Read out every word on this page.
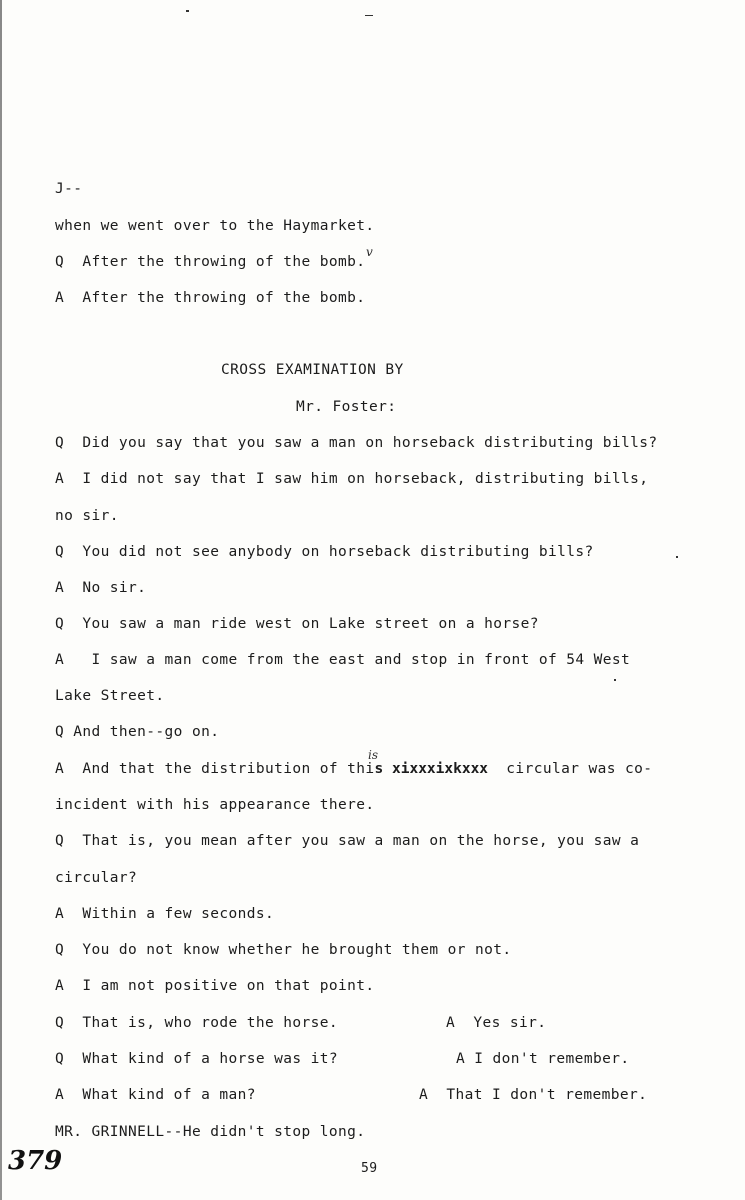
J--
when we went over to the Haymarket.
Q  After the throwing of the bomb.
v
A  After the throwing of the bomb.
CROSS EXAMINATION BY
Mr. Foster:
Q  Did you say that you saw a man on horseback distributing bills?
A  I did not say that I saw him on horseback, distributing bills,
no sir.
Q  You did not see anybody on horseback distributing bills?
A  No sir.
Q  You saw a man ride west on Lake street on a horse?
A   I saw a man come from the east and stop in front of 54 West
Lake Street.
Q And then--go on.
A  And that the distribution of this xixxxixkxxx  circular was co-
is
incident with his appearance there.
Q  That is, you mean after you saw a man on the horse, you saw a
circular?
A  Within a few seconds.
Q  You do not know whether he brought them or not.
A  I am not positive on that point.
Q  That is, who rode the horse.	A  Yes sir.
Q  What kind of a horse was it?	A I don't remember.
A  What kind of a man?	A  That I don't remember.
MR. GRINNELL--He didn't stop long.
379	59
